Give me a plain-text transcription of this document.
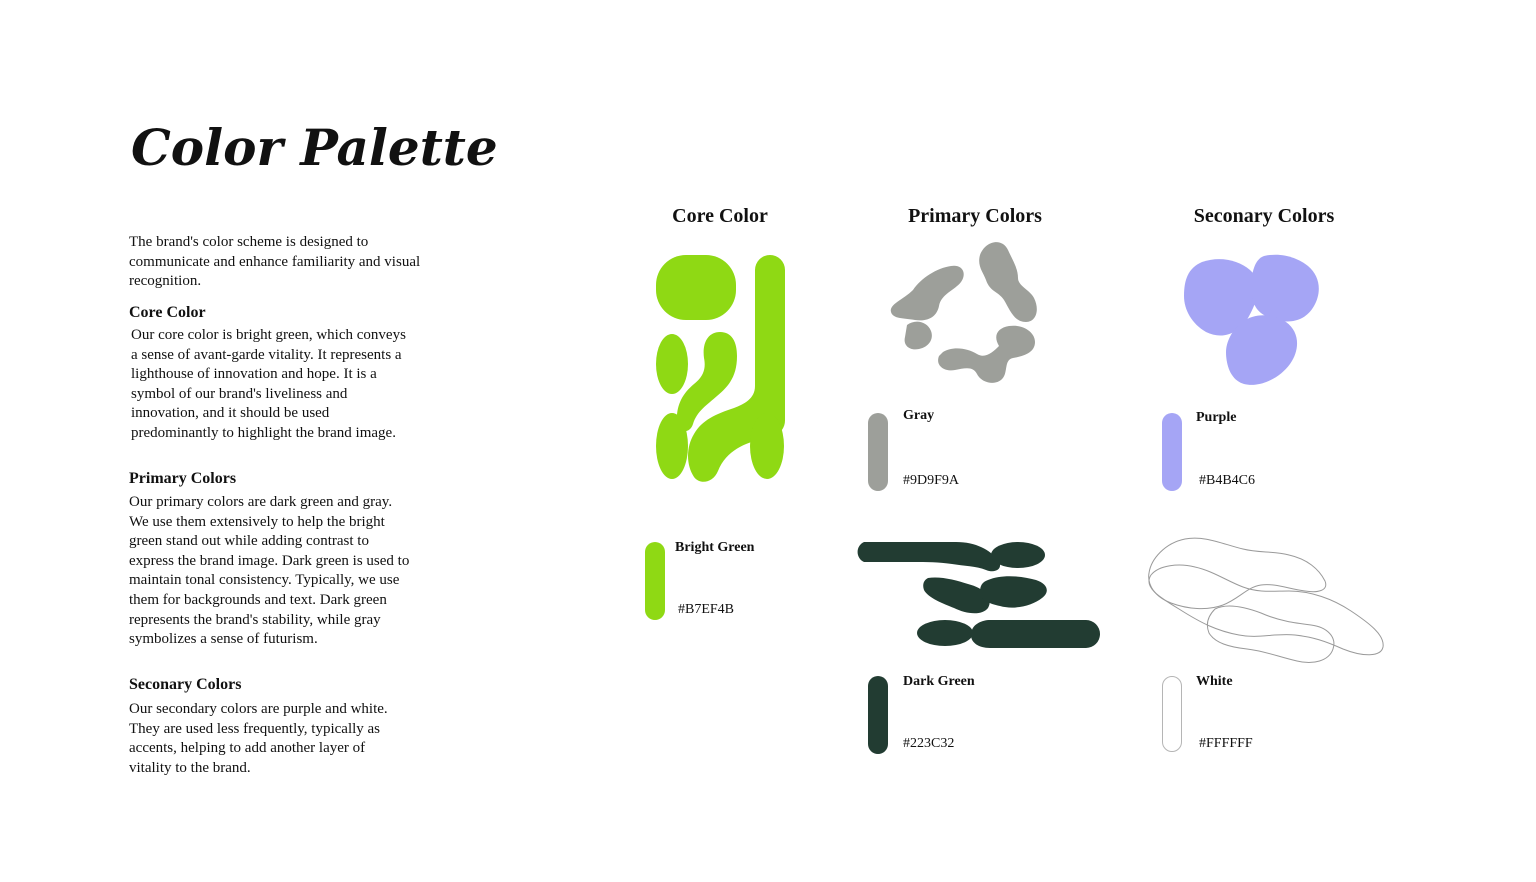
Color Palette
The brand's color scheme is designed to communicate and enhance familiarity and visual recognition.
Core Color
Our core color is bright green, which conveys a sense of avant-garde vitality. It represents a lighthouse of innovation and hope. It is a symbol of our brand's liveliness and innovation, and it should be used predominantly to highlight the brand image.
Primary Colors
Our primary colors are dark green and gray. We use them extensively to help the bright green stand out while adding contrast to express the brand image. Dark green is used to maintain tonal consistency. Typically, we use them for backgrounds and text. Dark green represents the brand's stability, while gray symbolizes a sense of futurism.
Seconary Colors
Our secondary colors are purple and white. They are used less frequently, typically as accents, helping to add another layer of vitality to the brand.
Core Color	Primary Colors	Seconary Colors
Bright Green
#B7EF4B
Gray
#9D9F9A
Purple
#B4B4C6
Dark Green
#223C32
White
#FFFFFF
